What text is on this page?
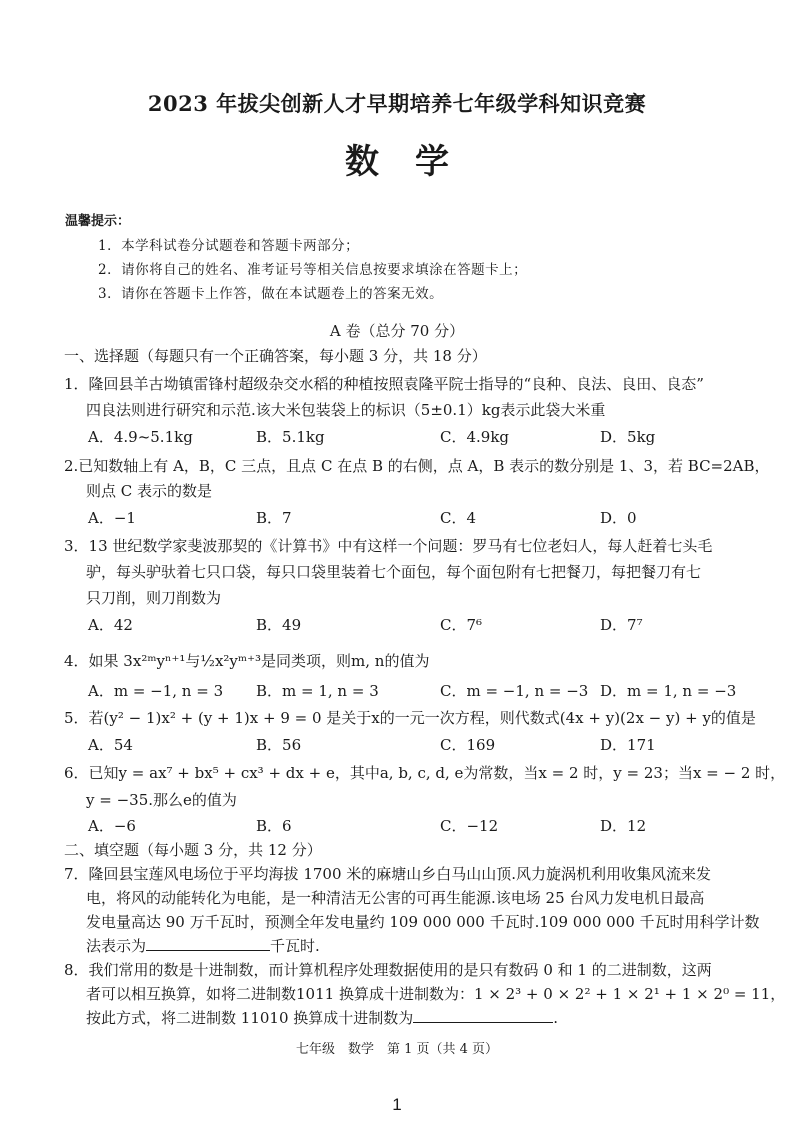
2023 年拔尖创新人才早期培养七年级学科知识竞赛
数学
温馨提示：
1．本学科试卷分试题卷和答题卡两部分；
2．请你将自己的姓名、准考证号等相关信息按要求填涂在答题卡上；
3．请你在答题卡上作答，做在本试题卷上的答案无效。
A 卷（总分 70 分）
一、选择题（每题只有一个正确答案，每小题 3 分，共 18 分）
1．隆回县羊古坳镇雷锋村超级杂交水稻的种植按照袁隆平院士指导的“良种、良法、良田、良态”
四良法则进行研究和示范.该大米包装袋上的标识（5±0.1）kg表示此袋大米重
A．4.9~5.1kg	B．5.1kg	C．4.9kg	D．5kg
2.已知数轴上有 A，B，C 三点，且点 C 在点 B 的右侧，点 A，B 表示的数分别是 1、3，若 BC=2AB，
则点 C 表示的数是
A．−1	B．7	C．4	D．0
3．13 世纪数学家斐波那契的《计算书》中有这样一个问题：罗马有七位老妇人，每人赶着七头毛
驴，每头驴驮着七只口袋，每只口袋里装着七个面包，每个面包附有七把餐刀，每把餐刀有七
只刀削，则刀削数为
A．42	B．49	C．7⁶	D．7⁷
4．如果 3x²ᵐyⁿ⁺¹与½x²yᵐ⁺³是同类项，则m, n的值为
A．m = −1, n = 3 B．m = 1, n = 3	C．m = −1, n = −3 D．m = 1, n = −3
5．若(y² − 1)x² + (y + 1)x + 9 = 0 是关于x的一元一次方程，则代数式(4x + y)(2x − y) + y的值是
A．54	B．56	C．169	D．171
6．已知y = ax⁷ + bx⁵ + cx³ + dx + e，其中a, b, c, d, e为常数，当x = 2 时，y = 23；当x = − 2 时，
y = −35.那么e的值为
A．−6	B．6	C．−12	D．12
二、填空题（每小题 3 分，共 12 分）
7．隆回县宝莲风电场位于平均海拔 1700 米的麻塘山乡白马山山顶.风力旋涡机利用收集风流来发
电，将风的动能转化为电能，是一种清洁无公害的可再生能源.该电场 25 台风力发电机日最高
发电量高达 90 万千瓦时，预测全年发电量约 109 000 000 千瓦时.109 000 000 千瓦时用科学计数
法表示为	千瓦时.
8．我们常用的数是十进制数，而计算机程序处理数据使用的是只有数码 0 和 1 的二进制数，这两
者可以相互换算，如将二进制数1011 换算成十进制数为：1 × 2³ + 0 × 2² + 1 × 2¹ + 1 × 2⁰ = 11，
按此方式，将二进制数 11010 换算成十进制数为	.
七年级　数学　第 1 页（共 4 页）
1
